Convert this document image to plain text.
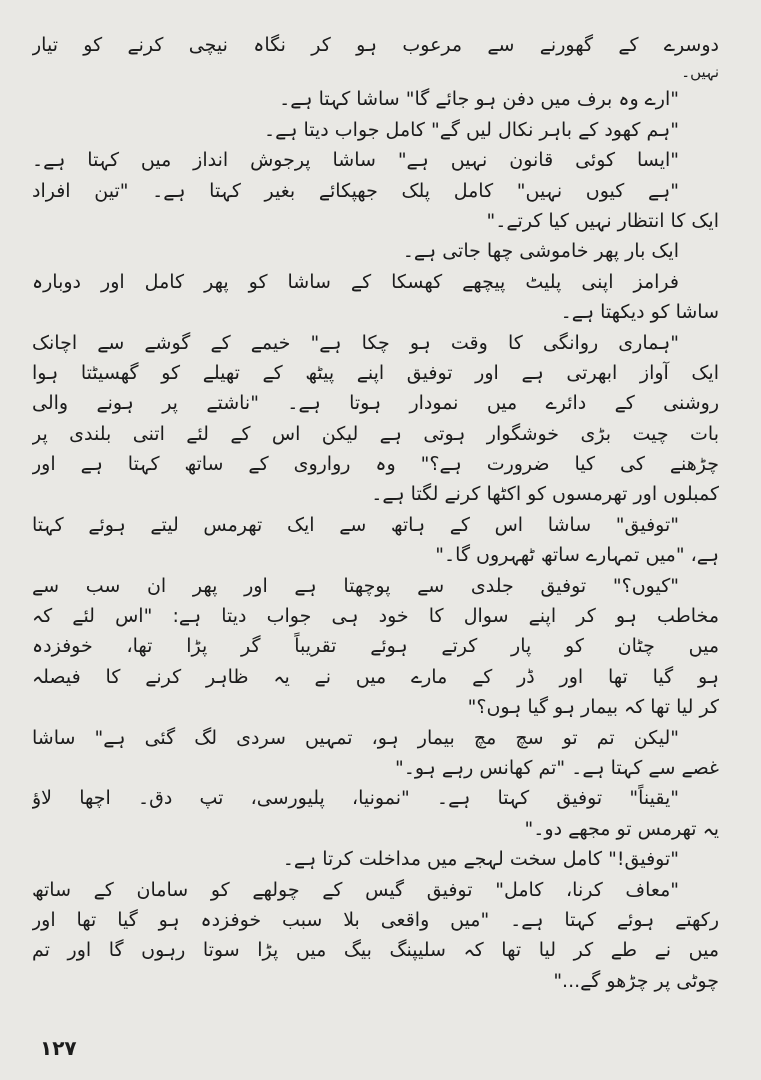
دوسرے کے گھورنے سے مرعوب ہو کر نگاہ نیچی کرنے کو تیار
نہیں۔
"ارے وہ برف میں دفن ہو جائے گا" ساشا کہتا ہے۔
"ہم کھود کے باہر نکال لیں گے" کامل جواب دیتا ہے۔
"ایسا کوئی قانون نہیں ہے" ساشا پرجوش انداز میں کہتا ہے۔
"ہے کیوں نہیں" کامل پلک جھپکائے بغیر کہتا ہے۔ "تین افراد
ایک کا انتظار نہیں کیا کرتے۔"
ایک بار پھر خاموشی چھا جاتی ہے۔
فرامز اپنی پلیٹ پیچھے کھسکا کے ساشا کو پھر کامل اور دوبارہ
ساشا کو دیکھتا ہے۔
"ہماری روانگی کا وقت ہو چکا ہے" خیمے کے گوشے سے اچانک
ایک آواز ابھرتی ہے اور توفیق اپنے پیٹھ کے تھیلے کو گھسیٹتا ہوا
روشنی کے دائرے میں نمودار ہوتا ہے۔ "ناشتے پر ہونے والی
بات چیت بڑی خوشگوار ہوتی ہے لیکن اس کے لئے اتنی بلندی پر
چڑھنے کی کیا ضرورت ہے؟" وہ رواروی کے ساتھ کہتا ہے اور
کمبلوں اور تھرمسوں کو اکٹھا کرنے لگتا ہے۔
"توفیق" ساشا اس کے ہاتھ سے ایک تھرمس لیتے ہوئے کہتا
ہے، "میں تمہارے ساتھ ٹھہروں گا۔"
"کیوں؟" توفیق جلدی سے پوچھتا ہے اور پھر ان سب سے
مخاطب ہو کر اپنے سوال کا خود ہی جواب دیتا ہے: "اس لئے کہ
میں چٹان کو پار کرتے ہوئے تقریباً گر پڑا تھا، خوفزدہ
ہو گیا تھا اور ڈر کے مارے میں نے یہ ظاہر کرنے کا فیصلہ
کر لیا تھا کہ بیمار ہو گیا ہوں؟"
"لیکن تم تو سچ مچ بیمار ہو، تمہیں سردی لگ گئی ہے" ساشا
غصے سے کہتا ہے۔ "تم کھانس رہے ہو۔"
"یقیناً" توفیق کہتا ہے۔ "نمونیا، پلیورسی، تپ دق۔ اچھا لاؤ
یہ تھرمس تو مجھے دو۔"
"توفیق!" کامل سخت لہجے میں مداخلت کرتا ہے۔
"معاف کرنا، کامل" توفیق گیس کے چولھے کو سامان کے ساتھ
رکھتے ہوئے کہتا ہے۔ "میں واقعی بلا سبب خوفزدہ ہو گیا تھا اور
میں نے طے کر لیا تھا کہ سلیپنگ بیگ میں پڑا سوتا رہوں گا اور تم
چوٹی پر چڑھو گے..."
۱۲۷
